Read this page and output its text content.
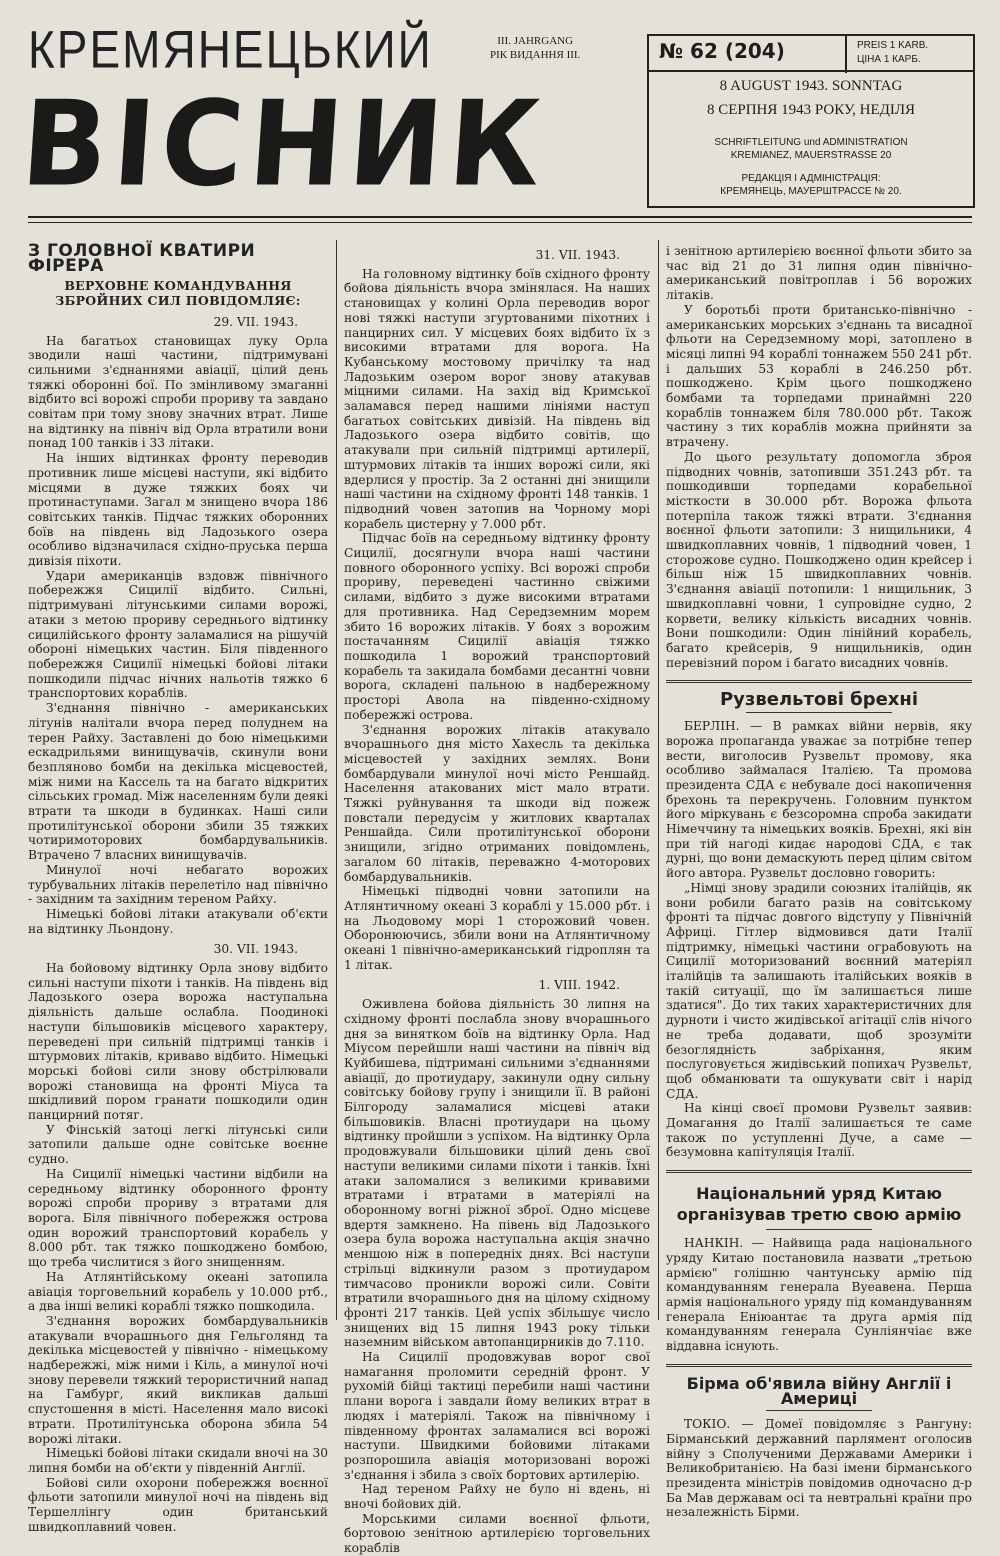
КРЕМЯНЕЦЬКИЙ
ВІСНИК
III. JAHRGANG
РІК ВИДАННЯ III.	№ 62 (204)	PREIS 1 KARB.
ЦІНА 1 КАРБ.
8 AUGUST 1943. SONNTAG
8 СЕРПНЯ 1943 РОКУ, НЕДІЛЯ
SCHRIFTLEITUNG und ADMINISTRATION
KREMIANEZ, MAUERSTRASSE 20
РЕДАКЦІЯ І АДМІНІСТРАЦІЯ:
КРЕМЯНЕЦЬ, МАУЕРШТРАССЕ № 20.
З ГОЛОВНОЇ КВАТИРИ ФІРЕРА
ВЕРХОВНЕ КОМАНДУВАННЯ ЗБРОЙНИХ СИЛ ПОВІДОМЛЯЄ:

29. VII. 1943.

На багатьох становищах луку Орла зводили наші частини, підтримувані сильними з'єднаннями авіації, цілий день тяжкі оборонні бої. По змінливому змаганні відбито всі ворожі спроби прориву та завдано совітам при тому знову значних втрат. Лише на відтинку на північ від Орла втратили вони понад 100 танків і 33 літаки.

На інших відтинках фронту переводив противник лише місцеві наступи, які відбито місцями в дуже тяжких боях чи протинаступами. Загал м знищено вчора 186 совітських танків. Підчас тяжких оборонних боїв на південь від Ладозького озера особливо відзначилася східно-пруська перша дивізія піхоти.

Удари американців вздовж північного побережжя Сицилії відбито. Сильні, підтримувані літунськими силами ворожі, атаки з метою прориву середнього відтинку сицилійського фронту заламалися на рішучій обороні німецьких частин. Біля південного побережжя Сицилії німецькі бойові літаки пошкодили підчас нічних нальотів тяжко 6 транспортових кораблів.

З'єднання північно - американських літунів налітали вчора перед полуднем на терен Райху. Заставлені до бою німецькими ескадрильями винищувачів, скинули вони безпляново бомби на декілька місцевостей, між ними на Кассель та на багато відкритих сільських громад. Між населенням були деякі втрати та шкоди в будинках. Наші сили протилітунської оборони збили 35 тяжких чотиримоторових бомбардувальників. Втрачено 7 власних винищувачів.

Минулої ночі небагато ворожих турбувальних літаків перелетіло над північно - західним та західним тереном Райху.

Німецькі бойові літаки атакували об'єкти на відтинку Льондону.

30. VII. 1943.

На бойовому відтинку Орла знову відбито сильні наступи піхоти і танків. На південь від Ладозького озера ворожа наступальна діяльність дальше ослабла. Поодинокі наступи більшовиків місцевого характеру, переведені при сильній підтримці танків і штурмових літаків, криваво відбито. Німецькі морські бойові сили знову обстрілювали ворожі становища на фронті Міуса та шкідливий пором гранати пошкодили один панцирний потяг.

У Фінській затоці легкі літунські сили затопили дальше одне совітське воєнне судно.

На Сицилії німецькі частини відбили на середньому відтинку оборонного фронту ворожі спроби прориву з втратами для ворога. Біля північного побережжя острова один ворожий транспортовий корабель у 8.000 рбт. так тяжко пошкоджено бомбою, що треба числитися з його знищенням.

На Атлянтійському океані затопила авіація торговельний корабель у 10.000 ртб., а два інші великі кораблі тяжко пошкодила.

З'єднання ворожих бомбардувальників атакували вчорашнього дня Гельголянд та декілька місцевостей у північно - німецькому надбережжі, між ними і Кіль, а минулої ночі знову перевели тяжкий терористичний напад на Гамбург, який викликав дальші спустошення в місті. Населення мало високі втрати. Протилітунська оборона збила 54 ворожі літаки.

Німецькі бойові літаки скидали вночі на 30 липня бомби на об'єкти у південній Англії.

Бойові сили охорони побережжя воєнної фльоти затопили минулої ночі на південь від Тершеллінгу один британський швидкоплавний човен.

31. VII. 1943.

На головному відтинку боїв східного фронту бойова діяльність вчора змінялася. На наших становищах у колині Орла переводив ворог нові тяжкі наступи згуртованими піхотних і панцирних сил. У місцевих боях відбито їх з високими втратами для ворога. На Кубанському мостовому причілку та над Ладозьким озером ворог знову атакував міцними силами. На захід від Кримської заламався перед нашими лініями наступ багатьох совітських дивізій. На південь від Ладозького озера відбито совітів, що атакували при сильній підтримці артилерії, штурмових літаків та інших ворожі сили, які вдерлися у простір. За 2 останні дні знищили наші частини на східному фронті 148 танків. 1 підводний човен затопив на Чорному морі корабель цистерну у 7.000 рбт.

Підчас боїв на середньому відтинку фронту Сицилії, досягнули вчора наші частини повного оборонного успіху. Всі ворожі спроби прориву, переведені частинно свіжими силами, відбито з дуже високими втратами для противника. Над Середземним морем збито 16 ворожих літаків. У боях з ворожим постачанням Сицилії авіація тяжко пошкодила 1 ворожий транспортовий корабель та закидала бомбами десантні човни ворога, складені пальною в надбережному просторі Авола на південно-східному побережжі острова.

З'єднання ворожих літаків атакувало вчорашнього дня місто Хахесль та декілька місцевостей у західних землях. Вони бомбардували минулої ночі місто Реншайд. Населення атакованих міст мало втрати. Тяжкі руйнування та шкоди від пожеж повстали передусім у житлових кварталах Реншайда. Сили протилітунської оборони знищили, згідно отриманих повідомлень, загалом 60 літаків, переважно 4-моторових бомбардувальників.

Німецькі підводні човни затопили на Атлянтичному океані 3 кораблі у 15.000 рбт. і на Льодовому морі 1 сторожовий човен. Оборонюючись, збили вони на Атлянтичному океані 1 північно-американський гідроплян та 1 літак.

1. VIII. 1942.

Оживлена бойова діяльність 30 липня на східному фронті послабла знову вчорашнього дня за винятком боїв на відтинку Орла. Над Міусом перейшли наші частини на північ від Куйбишева, підтримані сильними з'єднаннями авіації, до протиудару, закинули одну сильну совітську бойову групу і знищили її. В районі Білгороду заламалися місцеві атаки більшовиків. Власні протиудари на цьому відтинку пройшли з успіхом. На відтинку Орла продовжували більшовики цілий день свої наступи великими силами піхоти і танків. Їхні атаки заломалися з великими кривавими втратами і втратами в матеріялі на оборонному вогні ріжної зброї. Одно місцеве вдертя замкнено. На півень від Ладозького озера була ворожа наступальна акція значно меншою ніж в попередніх днях. Всі наступи стрільці відкинули разом з протиударом тимчасово проникли ворожі сили. Совіти втратили вчорашнього дня на цілому східному фронті 217 танків. Цей успіх збільшує число знищених від 15 липня 1943 року тільки наземним військом автопанцирників до 7.110.

На Сицилії продовжував ворог свої намагання проломити середній фронт. У рухомій бійці тактиці перебили наші частини плани ворога і завдали йому великих втрат в людях і матеріялі. Також на північному і південному фронтах заламалися всі ворожі наступи. Швидкими бойовими літаками розпорошила авіація моторизовані ворожі з'єднання і збила з своїх бортових артилерію.

Над тереном Райху не було ні вдень, ні вночі бойових дій.

Морськими силами воєнної фльоти, бортовою зенітною артилерією торговельних кораблів

і зенітною артилерією воєнної фльоти збито за час від 21 до 31 липня один північно-американський повітроплав і 56 ворожих літаків.

У боротьбі проти британсько-північно - американських морських з'єднань та висадної фльоти на Середземному морі, затоплено в місяці липні 94 кораблі тоннажем 550 241 рбт. і дальших 53 кораблі в 246.250 рбт. пошкоджено. Крім цього пошкоджено бомбами та торпедами принаймні 220 кораблів тоннажем біля 780.000 рбт. Також частину з тих кораблів можна прийняти за втрачену.

До цього результату допомогла зброя підводних човнів, затопивши 351.243 рбт. та пошкодивши торпедами корабельної місткости в 30.000 рбт. Ворожа фльота потерпіла також тяжкі втрати. З'єднання воєнної фльоти затопили: 3 нищильники, 4 швидкоплавних човнів, 1 підводний човен, 1 сторожове судно. Пошкоджено один крейсер і більш ніж 15 швидкоплавних човнів. З'єднання авіації потопили: 1 нищильник, 3 швидкоплавні човни, 1 супровідне судно, 2 корвети, велику кількість висадних човнів. Вони пошкодили: Один лінійний корабель, багато крейсерів, 9 нищильників, один перевізний пором і багато висадних човнів.

Рузвельтові брехні

БЕРЛІН. — В рамках війни нервів, яку ворожа пропаганда уважає за потрібне тепер вести, виголосив Рузвельт промову, яка особливо займалася Італією. Та промова президента СДА є небувале досі накопичення брехонь та перекручень. Головним пунктом його міркувань є безсоромна спроба закидати Німеччину та німецьких вояків. Брехні, які він при тій нагоді кидає народові СДА, є так дурні, що вони демаскують перед цілим світом його автора. Рузвельт дословно говорить:

„Німці знову зрадили союзних італійців, як вони робили багато разів на совітському фронті та підчас довгого відступу у Північній Африці. Гітлер відмовився дати Італії підтримку, німецькі частини ограбовують на Сицилії моторизований воєнний матеріял італійців та залишають італійських вояків в такій ситуації, що їм залишається лише здатися". До тих таких характеристичних для дурноти і чисто жидівської агітації слів нічого не треба додавати, щоб зрозуміти безоглядність забріхання, яким послуговується жидівський попихач Рузвельт, щоб обманювати та ошукувати світ і нарід СДА.

На кінці своєї промови Рузвельт заявив: Домагання до Італії залишається те саме також по уступленні Дуче, а саме — безумовна капітуляція Італії.

Національний уряд Китаю організував третю свою армію

НАНКІН. — Найвища рада національного уряду Китаю постановила назвати „третьою армією" голішню чантунську армію під командуванням генерала Вуеавена. Перша армія національного уряду під командуванням генерала Еніюантає та друга армія під командуванням генерала Сунліянчіає вже віддавна існують.

Бірма об'явила війну Англії і Америці

ТОКІО. — Домеї повідомляє з Рангуну: Бірманський державний парлямент оголосив війну з Сполученими Державами Америки і Великобританією. На базі імени бірманського президента міністрів повідомив одночасно д-р Ба Мав державам осі та невтральні країни про незалежність Бірми.
